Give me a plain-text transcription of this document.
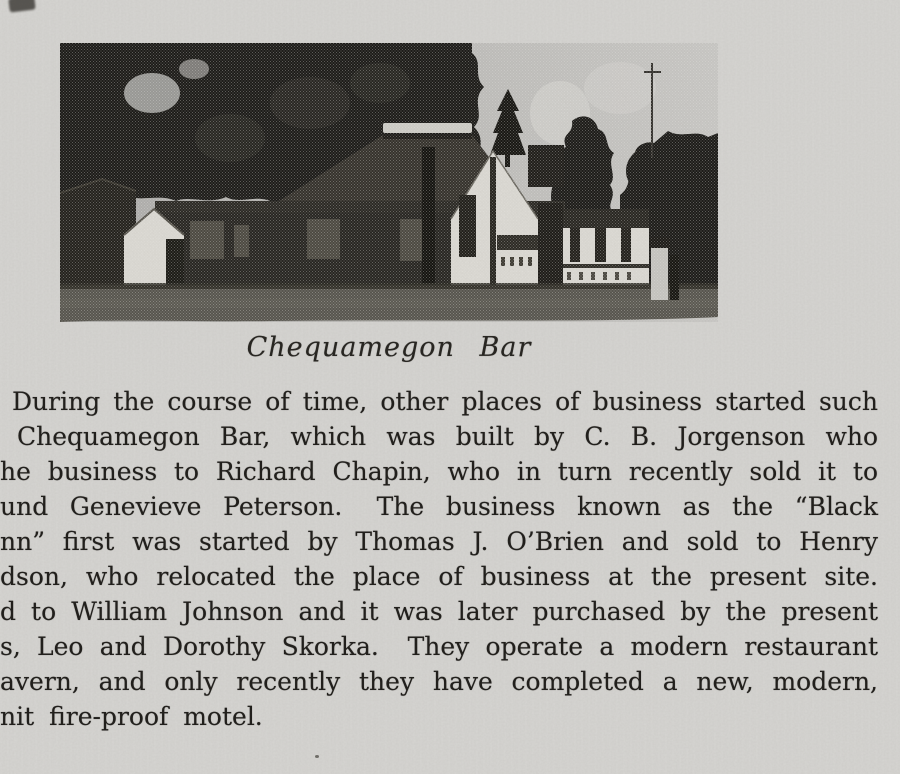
Chequamegon Bar
During the course of time, other places of business started such
Chequamegon Bar, which was built by C. B. Jorgenson who
he business to Richard Chapin, who in turn recently sold it to
und Genevieve Peterson.  The business known as the “Black
nn” first was started by Thomas J. O’Brien and sold to Henry
dson, who relocated the place of business at the present site.
d to William Johnson and it was later purchased by the present
s, Leo and Dorothy Skorka.  They operate a modern restaurant
avern, and only recently they have completed a new, modern,
nit fire-proof motel.
